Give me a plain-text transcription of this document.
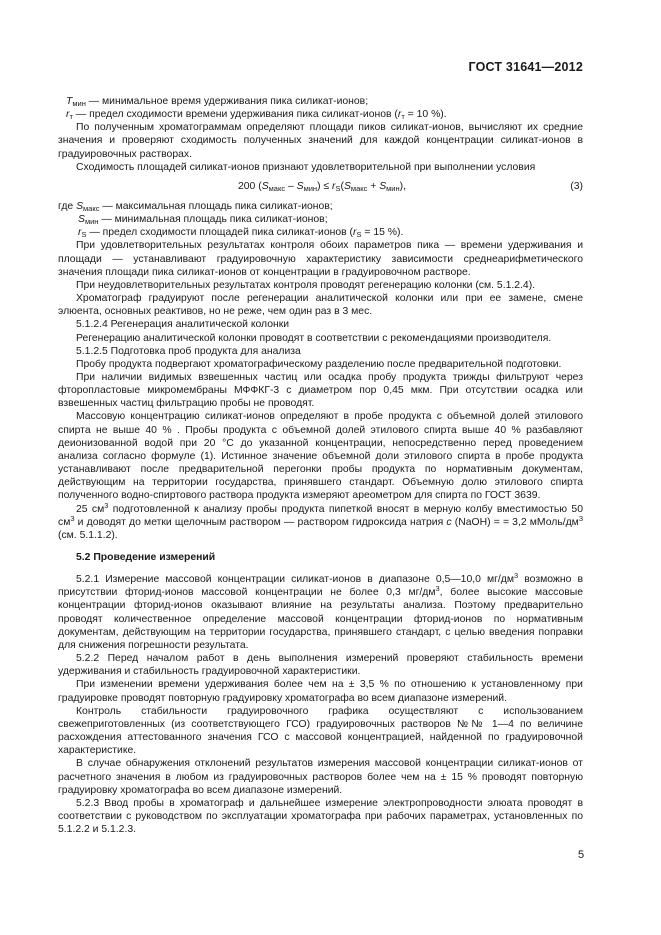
ГОСТ 31641—2012

$T_{мин}$ — минимальное время удерживания пика силикат-ионов;

$r_т$ — предел сходимости времени удерживания пика силикат-ионов ($r_т = 10$ %).

По полученным хроматограммам определяют площади пиков силикат-ионов, вычисляют их средние значения и проверяют сходимость полученных значений для каждой концентрации силикат-ионов в градуировочных растворах.

Сходимость площадей силикат-ионов признают удовлетворительной при выполнении условия

200 $(S_{макс} - S_{мин}) \le r_S(S_{макс} + S_{мин})$,	(3)

где $S_{макс}$ — максимальная площадь пика силикат-ионов;

$S_{мин}$ — минимальная площадь пика силикат-ионов;

$r_S$ — предел сходимости площадей пика силикат-ионов ($r_S = 15$ %).

При удовлетворительных результатах контроля обоих параметров пика — времени удерживания и площади — устанавливают градуировочную характеристику зависимости среднеарифметического значения площади пика силикат-ионов от концентрации в градуировочном растворе.

При неудовлетворительных результатах контроля проводят регенерацию колонки (см. 5.1.2.4).

Хроматограф градуируют после регенерации аналитической колонки или при ее замене, смене элюента, основных реактивов, но не реже, чем один раз в 3 мес.

5.1.2.4 Регенерация аналитической колонки

Регенерацию аналитической колонки проводят в соответствии с рекомендациями производителя.

5.1.2.5 Подготовка проб продукта для анализа

Пробу продукта подвергают хроматографическому разделению после предварительной подготовки.

При наличии видимых взвешенных частиц или осадка пробу продукта трижды фильтруют через фторопластовые микромембраны МФФКГ-3 с диаметром пор 0,45 мкм. При отсутствии осадка или взвешенных частиц фильтрацию пробы не проводят.

Массовую концентрацию силикат-ионов определяют в пробе продукта с объемной долей этилового спирта не выше 40 % . Пробы продукта с объемной долей этилового спирта выше 40 % разбавляют деионизованной водой при 20 °С до указанной концентрации, непосредственно перед проведением анализа согласно формуле (1). Истинное значение объемной доли этилового спирта в пробе продукта устанавливают после предварительной перегонки пробы продукта по нормативным документам, действующим на территории государства, принявшего стандарт. Объемную долю этилового спирта полученного водно-спиртового раствора продукта измеряют ареометром для спирта по ГОСТ 3639.

25 $см^3$ подготовленной к анализу пробы продукта пипеткой вносят в мерную колбу вместимостью 50 $см^3$ и доводят до метки щелочным раствором — раствором гидроксида натрия c (NaOH) = = 3,2 мМоль/$дм^3$ (см. 5.1.1.2).

5.2 Проведение измерений

5.2.1 Измерение массовой концентрации силикат-ионов в диапазоне 0,5—10,0 $мг/дм^3$ возможно в присутствии фторид-ионов массовой концентрации не более 0,3 $мг/дм^3$, более высокие массовые концентрации фторид-ионов оказывают влияние на результаты анализа. Поэтому предварительно проводят количественное определение массовой концентрации фторид-ионов по нормативным документам, действующим на территории государства, принявшего стандарт, с целью введения поправки для снижения погрешности результата.

5.2.2 Перед началом работ в день выполнения измерений проверяют стабильность времени удерживания и стабильность градуировочной характеристики.

При изменении времени удерживания более чем на ± 3,5 % по отношению к установленному при градуировке проводят повторную градуировку хроматографа во всем диапазоне измерений.

Контроль стабильности градуировочного графика осуществляют с использованием свежеприготовленных (из соответствующего ГСО) градуировочных растворов №№ 1—4 по величине расхождения аттестованного значения ГСО с массовой концентрацией, найденной по градуировочной характеристике.

В случае обнаружения отклонений результатов измерения массовой концентрации силикат-ионов от расчетного значения в любом из градуировочных растворов более чем на ± 15 % проводят повторную градуировку хроматографа во всем диапазоне измерений.

5.2.3 Ввод пробы в хроматограф и дальнейшее измерение электропроводности элюата проводят в соответствии с руководством по эксплуатации хроматографа при рабочих параметрах, установленных по 5.1.2.2 и 5.1.2.3.

5
